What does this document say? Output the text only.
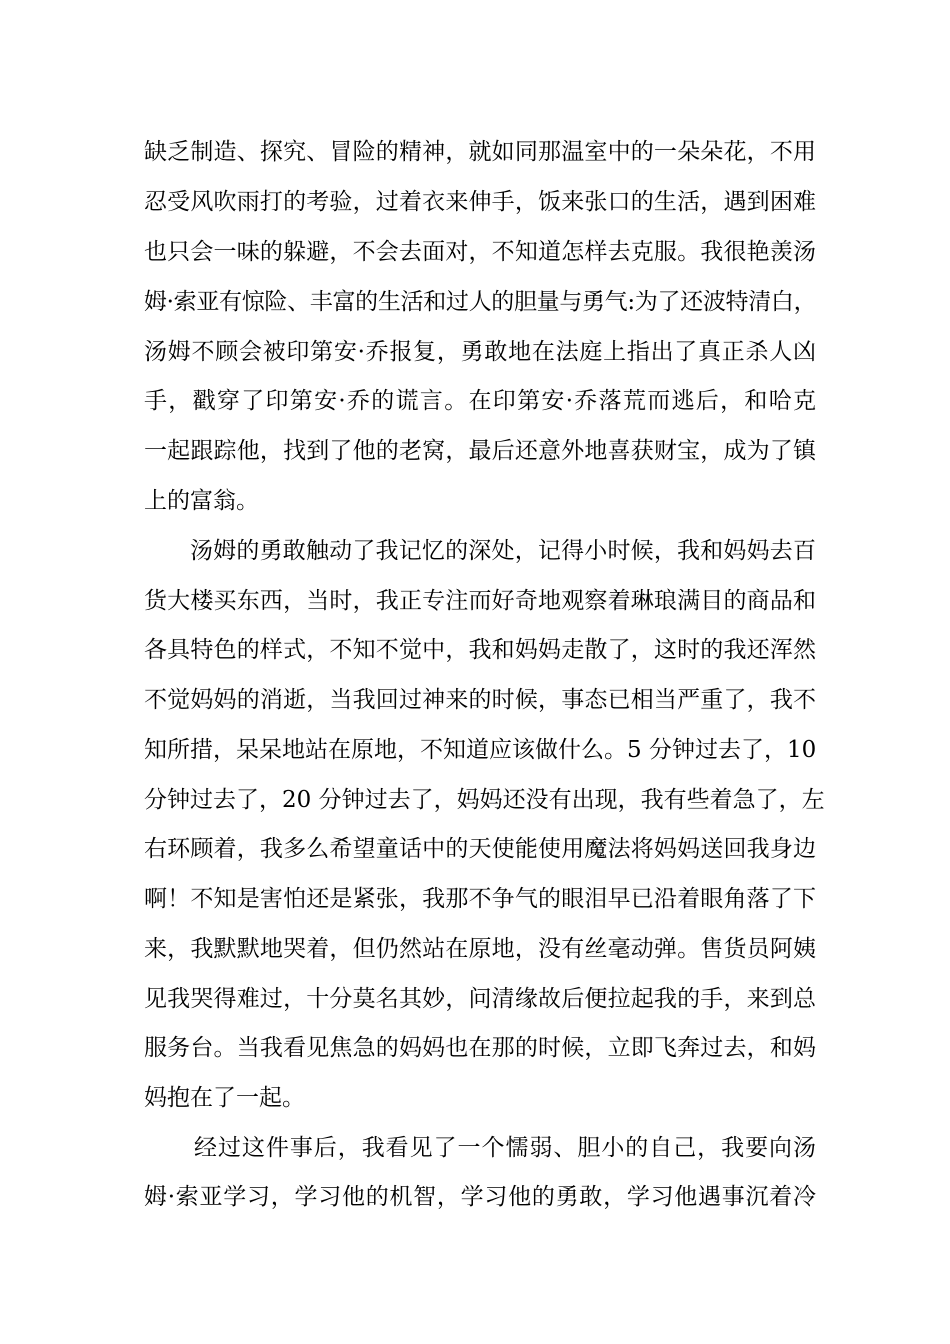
缺乏制造、探究、冒险的精神，就如同那温室中的一朵朵花，不用
忍受风吹雨打的考验，过着衣来伸手，饭来张口的生活，遇到困难
也只会一味的躲避，不会去面对，不知道怎样去克服。我很艳羡汤
姆·索亚有惊险、丰富的生活和过人的胆量与勇气:为了还波特清白，
汤姆不顾会被印第安·乔报复，勇敢地在法庭上指出了真正杀人凶
手，戳穿了印第安·乔的谎言。在印第安·乔落荒而逃后，和哈克
一起跟踪他，找到了他的老窝，最后还意外地喜获财宝，成为了镇
上的富翁。
汤姆的勇敢触动了我记忆的深处，记得小时候，我和妈妈去百
货大楼买东西，当时，我正专注而好奇地观察着琳琅满目的商品和
各具特色的样式，不知不觉中，我和妈妈走散了，这时的我还浑然
不觉妈妈的消逝，当我回过神来的时候，事态已相当严重了，我不
知所措，呆呆地站在原地，不知道应该做什么。5 分钟过去了，10
分钟过去了，20 分钟过去了，妈妈还没有出现，我有些着急了，左
右环顾着，我多么希望童话中的天使能使用魔法将妈妈送回我身边
啊！不知是害怕还是紧张，我那不争气的眼泪早已沿着眼角落了下
来，我默默地哭着，但仍然站在原地，没有丝毫动弹。售货员阿姨
见我哭得难过，十分莫名其妙，问清缘故后便拉起我的手，来到总
服务台。当我看见焦急的妈妈也在那的时候，立即飞奔过去，和妈
妈抱在了一起。
经过这件事后，我看见了一个懦弱、胆小的自己，我要向汤
姆·索亚学习，学习他的机智，学习他的勇敢，学习他遇事沉着冷
